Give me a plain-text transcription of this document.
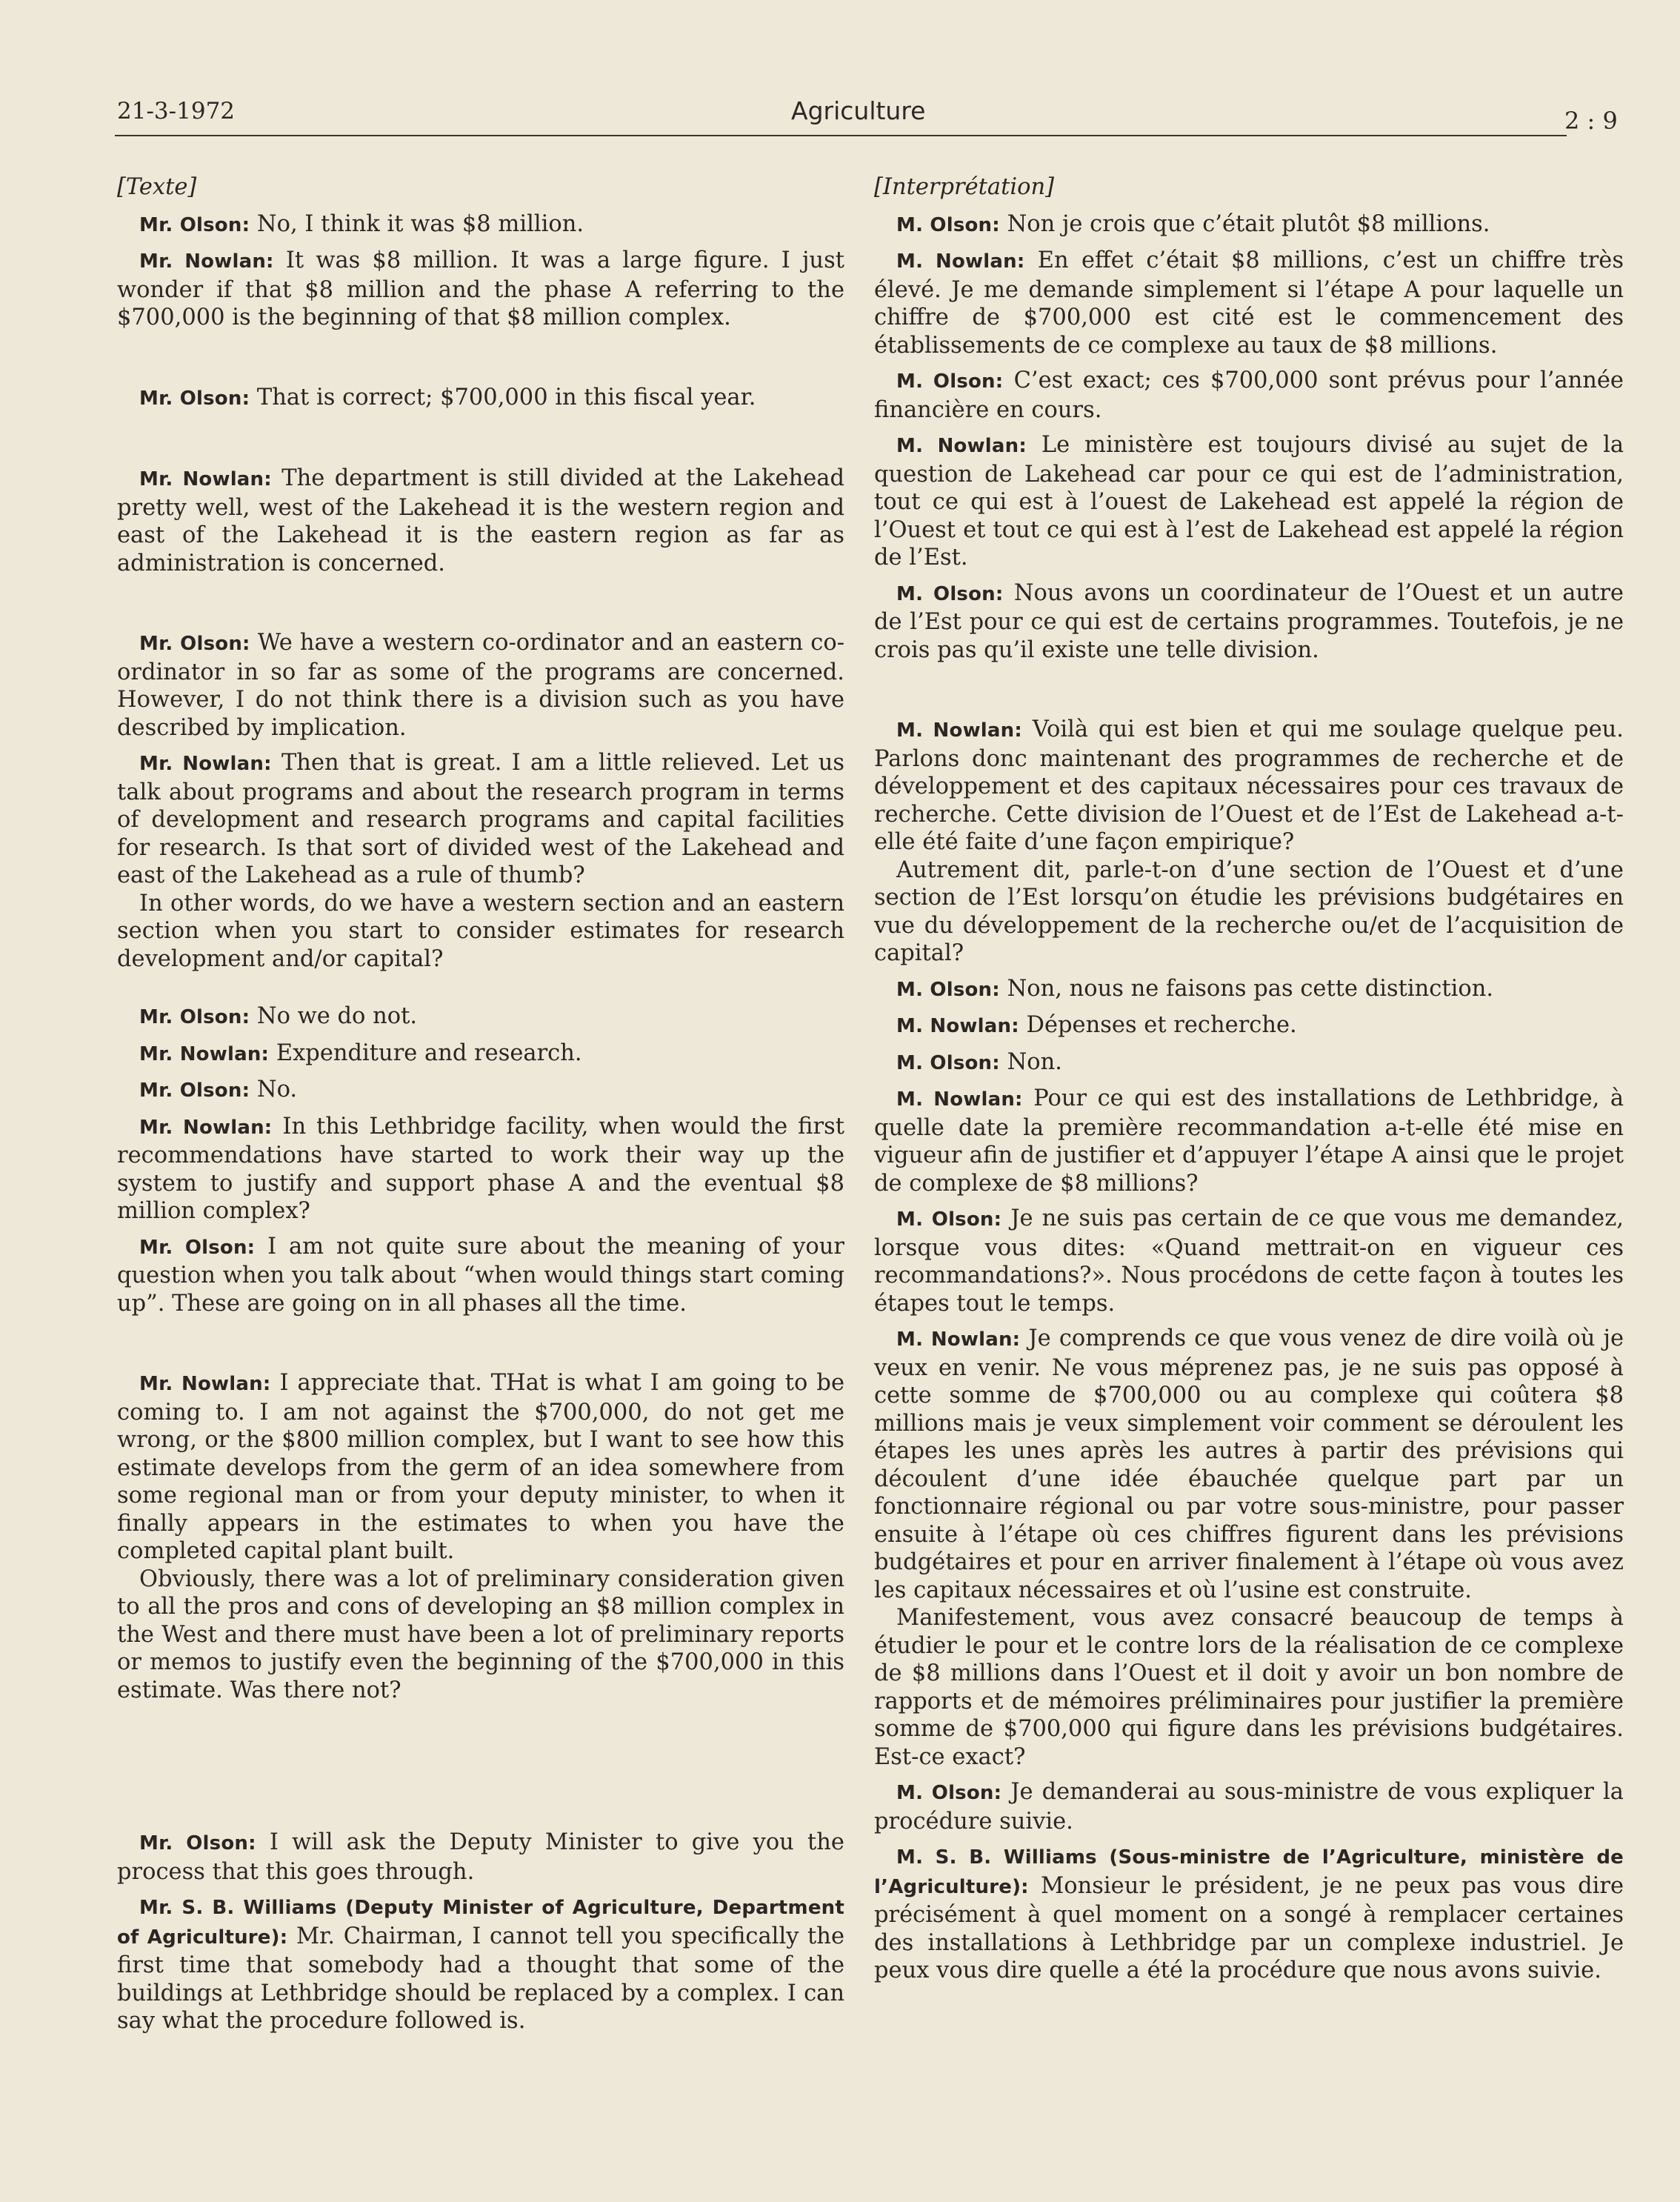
21-3-1972	Agriculture	2 : 9

[Texte]

Mr. Olson: No, I think it was $8 million.

Mr. Nowlan: It was $8 million. It was a large figure. I just wonder if that $8 million and the phase A referring to the $700,000 is the beginning of that $8 million complex.

Mr. Olson: That is correct; $700,000 in this fiscal year.

Mr. Nowlan: The department is still divided at the Lakehead pretty well, west of the Lakehead it is the western region and east of the Lakehead it is the eastern region as far as administration is concerned.

Mr. Olson: We have a western co-ordinator and an eastern co-ordinator in so far as some of the programs are concerned. However, I do not think there is a division such as you have described by implication.

Mr. Nowlan: Then that is great. I am a little relieved. Let us talk about programs and about the research program in terms of development and research programs and capital facilities for research. Is that sort of divided west of the Lakehead and east of the Lakehead as a rule of thumb?

In other words, do we have a western section and an eastern section when you start to consider estimates for research development and/or capital?

Mr. Olson: No we do not.

Mr. Nowlan: Expenditure and research.

Mr. Olson: No.

Mr. Nowlan: In this Lethbridge facility, when would the first recommendations have started to work their way up the system to justify and support phase A and the eventual $8 million complex?

Mr. Olson: I am not quite sure about the meaning of your question when you talk about “when would things start coming up”. These are going on in all phases all the time.

Mr. Nowlan: I appreciate that. THat is what I am going to be coming to. I am not against the $700,000, do not get me wrong, or the $800 million complex, but I want to see how this estimate develops from the germ of an idea somewhere from some regional man or from your deputy minister, to when it finally appears in the estimates to when you have the completed capital plant built.

Obviously, there was a lot of preliminary consideration given to all the pros and cons of developing an $8 million complex in the West and there must have been a lot of preliminary reports or memos to justify even the beginning of the $700,000 in this estimate. Was there not?

Mr. Olson: I will ask the Deputy Minister to give you the process that this goes through.

Mr. S. B. Williams (Deputy Minister of Agriculture, Department of Agriculture): Mr. Chairman, I cannot tell you specifically the first time that somebody had a thought that some of the buildings at Lethbridge should be replaced by a complex. I can say what the procedure followed is.

[Interprétation]

M. Olson: Non je crois que c’était plutôt $8 millions.

M. Nowlan: En effet c’était $8 millions, c’est un chiffre très élevé. Je me demande simplement si l’étape A pour laquelle un chiffre de $700,000 est cité est le commencement des établissements de ce complexe au taux de $8 millions.

M. Olson: C’est exact; ces $700,000 sont prévus pour l’année financière en cours.

M. Nowlan: Le ministère est toujours divisé au sujet de la question de Lakehead car pour ce qui est de l’administration, tout ce qui est à l’ouest de Lakehead est appelé la région de l’Ouest et tout ce qui est à l’est de Lakehead est appelé la région de l’Est.

M. Olson: Nous avons un coordinateur de l’Ouest et un autre de l’Est pour ce qui est de certains programmes. Toutefois, je ne crois pas qu’il existe une telle division.

M. Nowlan: Voilà qui est bien et qui me soulage quelque peu. Parlons donc maintenant des programmes de recherche et de développement et des capitaux nécessaires pour ces travaux de recherche. Cette division de l’Ouest et de l’Est de Lakehead a-t-elle été faite d’une façon empirique?

Autrement dit, parle-t-on d’une section de l’Ouest et d’une section de l’Est lorsqu’on étudie les prévisions budgétaires en vue du développement de la recherche ou/et de l’acquisition de capital?

M. Olson: Non, nous ne faisons pas cette distinction.

M. Nowlan: Dépenses et recherche.

M. Olson: Non.

M. Nowlan: Pour ce qui est des installations de Lethbridge, à quelle date la première recommandation a-t-elle été mise en vigueur afin de justifier et d’appuyer l’étape A ainsi que le projet de complexe de $8 millions?

M. Olson: Je ne suis pas certain de ce que vous me demandez, lorsque vous dites: «Quand mettrait-on en vigueur ces recommandations?». Nous procédons de cette façon à toutes les étapes tout le temps.

M. Nowlan: Je comprends ce que vous venez de dire voilà où je veux en venir. Ne vous méprenez pas, je ne suis pas opposé à cette somme de $700,000 ou au complexe qui coûtera $8 millions mais je veux simplement voir comment se déroulent les étapes les unes après les autres à partir des prévisions qui découlent d’une idée ébauchée quelque part par un fonctionnaire régional ou par votre sous-ministre, pour passer ensuite à l’étape où ces chiffres figurent dans les prévisions budgétaires et pour en arriver finalement à l’étape où vous avez les capitaux nécessaires et où l’usine est construite.

Manifestement, vous avez consacré beaucoup de temps à étudier le pour et le contre lors de la réalisation de ce complexe de $8 millions dans l’Ouest et il doit y avoir un bon nombre de rapports et de mémoires préliminaires pour justifier la première somme de $700,000 qui figure dans les prévisions budgétaires. Est-ce exact?

M. Olson: Je demanderai au sous-ministre de vous expliquer la procédure suivie.

M. S. B. Williams (Sous-ministre de l’Agriculture, ministère de l’Agriculture): Monsieur le président, je ne peux pas vous dire précisément à quel moment on a songé à remplacer certaines des installations à Lethbridge par un complexe industriel. Je peux vous dire quelle a été la procédure que nous avons suivie.
